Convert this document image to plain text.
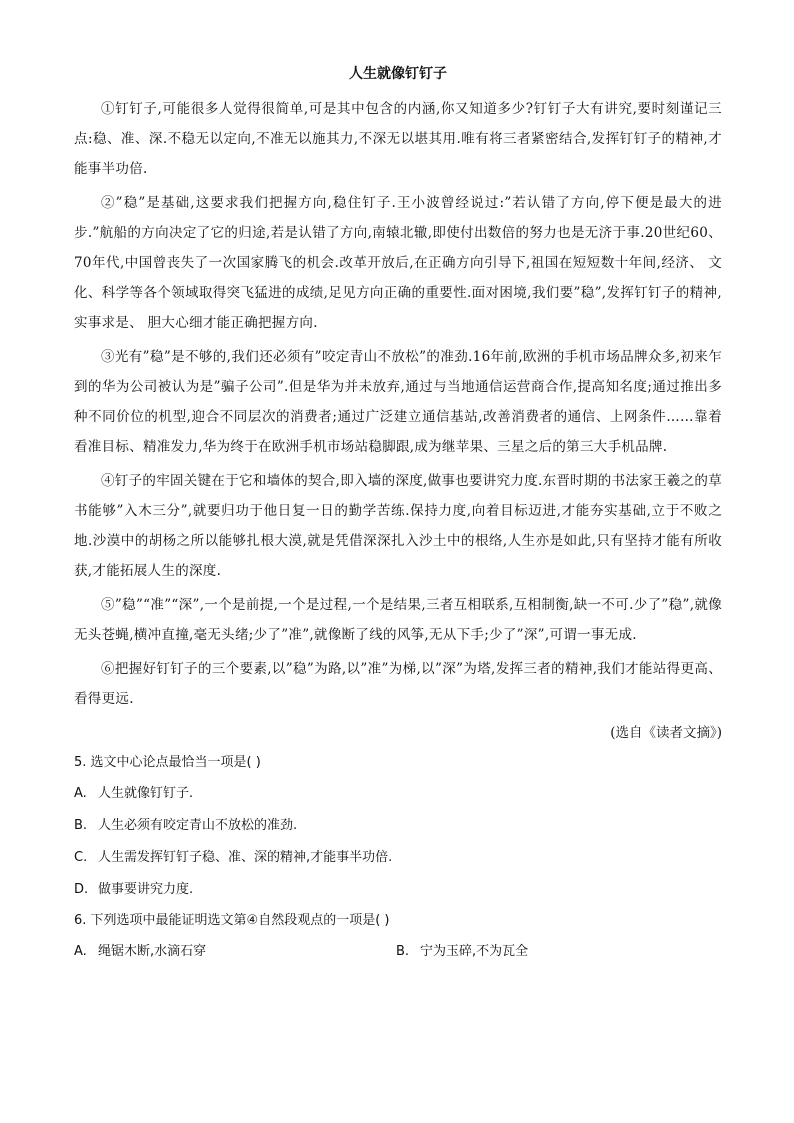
人生就像钉钉子

①钉钉子,可能很多人觉得很简单,可是其中包含的内涵,你又知道多少?钉钉子大有讲究,要时刻谨记三点:稳、准、深.不稳无以定向,不准无以施其力,不深无以堪其用.唯有将三者紧密结合,发挥钉钉子的精神,才能事半功倍.

②”稳”是基础,这要求我们把握方向,稳住钉子.王小波曾经说过:”若认错了方向,停下便是最大的进步.”航船的方向决定了它的归途,若是认错了方向,南辕北辙,即使付出数倍的努力也是无济于事.20世纪60、70年代,中国曾丧失了一次国家腾飞的机会.改革开放后,在正确方向引导下,祖国在短短数十年间,经济、 文化、科学等各个领域取得突飞猛进的成绩,足见方向正确的重要性.面对困境,我们要”稳”,发挥钉钉子的精神,实事求是、 胆大心细才能正确把握方向.

③光有”稳”是不够的,我们还必须有”咬定青山不放松”的准劲.16年前,欧洲的手机市场品牌众多,初来乍到的华为公司被认为是”骗子公司”.但是华为并未放弃,通过与当地通信运营商合作,提高知名度;通过推出多种不同价位的机型,迎合不同层次的消费者;通过广泛建立通信基站,改善消费者的通信、上网条件……靠着看准目标、精准发力,华为终于在欧洲手机市场站稳脚跟,成为继苹果、三星之后的第三大手机品牌.

④钉子的牢固关键在于它和墙体的契合,即入墙的深度,做事也要讲究力度.东晋时期的书法家王羲之的草书能够”入木三分”,就要归功于他日复一日的勤学苦练.保持力度,向着目标迈进,才能夯实基础,立于不败之地.沙漠中的胡杨之所以能够扎根大漠,就是凭借深深扎入沙土中的根络,人生亦是如此,只有坚持才能有所收获,才能拓展人生的深度.

⑤”稳”“准”“深”,一个是前提,一个是过程,一个是结果,三者互相联系,互相制衡,缺一不可.少了”稳”,就像无头苍蝇,横冲直撞,毫无头绪;少了”准”,就像断了线的风筝,无从下手;少了”深”,可谓一事无成.

⑥把握好钉钉子的三个要素,以”稳”为路,以”准”为梯,以”深”为塔,发挥三者的精神,我们才能站得更高、看得更远.

(选自《读者文摘》)
5. 选文中心论点最恰当一项是( )
A. 人生就像钉钉子.
B. 人生必须有咬定青山不放松的准劲.
C. 人生需发挥钉钉子稳、准、深的精神,才能事半功倍.
D. 做事要讲究力度.
6. 下列选项中最能证明选文第④自然段观点的一项是( )
A. 绳锯木断,水滴石穿	B. 宁为玉碎,不为瓦全
